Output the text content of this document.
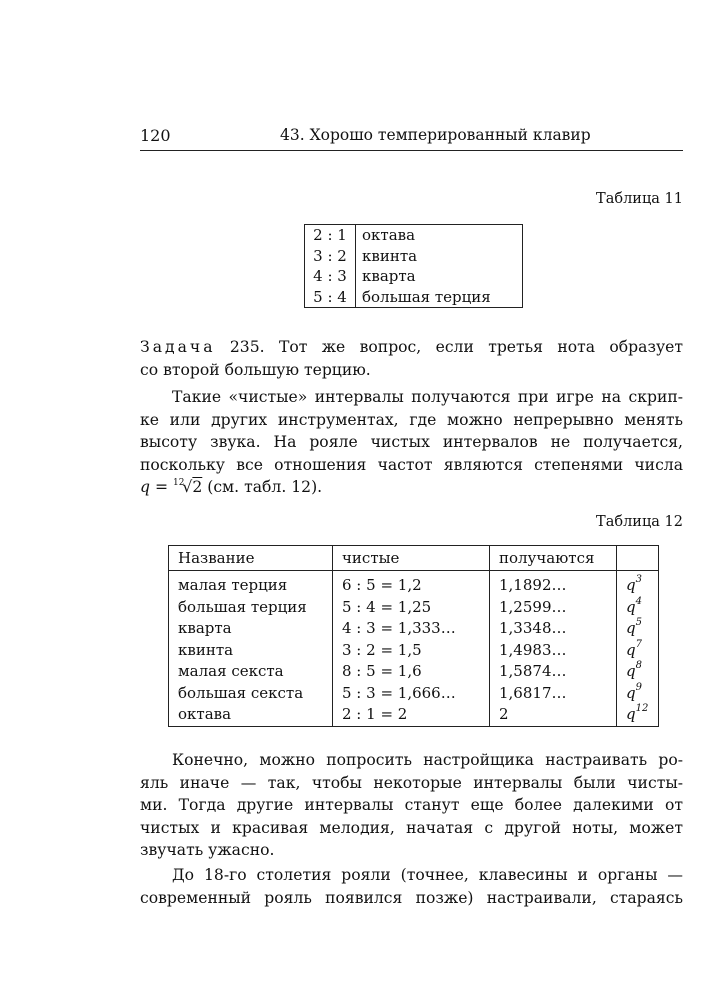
120	43. Хорошо темперированный клавир
Таблица 11
2 : 1	октава
3 : 2	квинта
4 : 3	кварта
5 : 4	большая терция
Задача 235. Тот же вопрос, если третья нота образует
со второй большую терцию.
Такие «чистые» интервалы получаются при игре на скрип-
ке или других инструментах, где можно непрерывно менять
высоту звука. На рояле чистых интервалов не получается,
поскольку все отношения частот являются степенями числа
q = $^{12}$√2 (см. табл. 12).
Таблица 12
Название	чистые	получаются	
малая терция	6 : 5 = 1,2	1,1892…	$q^3$
большая терция	5 : 4 = 1,25	1,2599…	$q^4$
кварта	4 : 3 = 1,333…	1,3348…	$q^5$
квинта	3 : 2 = 1,5	1,4983…	$q^7$
малая секста	8 : 5 = 1,6	1,5874…	$q^8$
большая секста	5 : 3 = 1,666…	1,6817…	$q^9$
октава	2 : 1 = 2	2	$q^{12}$
Конечно, можно попросить настройщика настраивать ро-
яль иначе — так, чтобы некоторые интервалы были чисты-
ми. Тогда другие интервалы станут еще более далекими от
чистых и красивая мелодия, начатая с другой ноты, может
звучать ужасно.
До 18-го столетия рояли (точнее, клавесины и органы —
современный рояль появился позже) настраивали, стараясь
